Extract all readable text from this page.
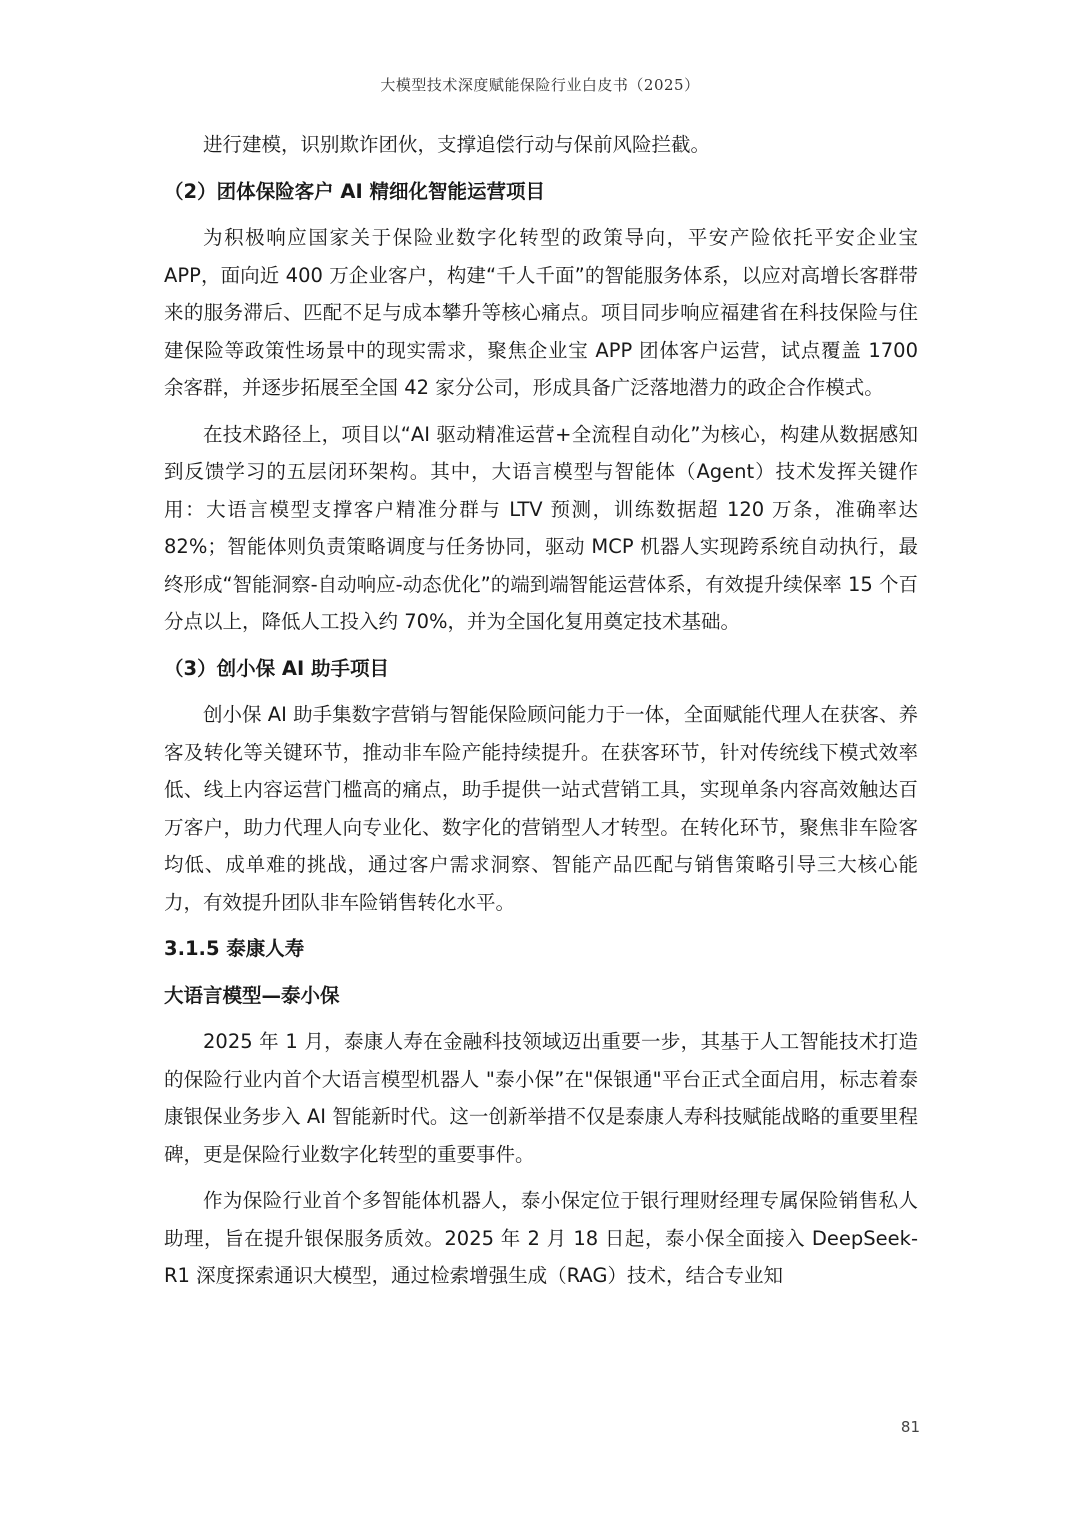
大模型技术深度赋能保险行业白皮书（2025）

进行建模，识别欺诈团伙，支撑追偿行动与保前风险拦截。

（2）团体保险客户 AI 精细化智能运营项目

为积极响应国家关于保险业数字化转型的政策导向，平安产险依托平安企业宝 APP，面向近 400 万企业客户，构建“千人千面”的智能服务体系，以应对高增长客群带来的服务滞后、匹配不足与成本攀升等核心痛点。项目同步响应福建省在科技保险与住建保险等政策性场景中的现实需求，聚焦企业宝 APP 团体客户运营，试点覆盖 1700 余客群，并逐步拓展至全国 42 家分公司，形成具备广泛落地潜力的政企合作模式。

在技术路径上，项目以“AI 驱动精准运营+全流程自动化”为核心，构建从数据感知到反馈学习的五层闭环架构。其中，大语言模型与智能体（Agent）技术发挥关键作用：大语言模型支撑客户精准分群与 LTV 预测，训练数据超 120 万条，准确率达 82%；智能体则负责策略调度与任务协同，驱动 MCP 机器人实现跨系统自动执行，最终形成“智能洞察-自动响应-动态优化”的端到端智能运营体系，有效提升续保率 15 个百分点以上，降低人工投入约 70%，并为全国化复用奠定技术基础。

（3）创小保 AI 助手项目

创小保 AI 助手集数字营销与智能保险顾问能力于一体，全面赋能代理人在获客、养客及转化等关键环节，推动非车险产能持续提升。在获客环节，针对传统线下模式效率低、线上内容运营门槛高的痛点，助手提供一站式营销工具，实现单条内容高效触达百万客户，助力代理人向专业化、数字化的营销型人才转型。在转化环节，聚焦非车险客均低、成单难的挑战，通过客户需求洞察、智能产品匹配与销售策略引导三大核心能力，有效提升团队非车险销售转化水平。

3.1.5 泰康人寿
大语言模型—泰小保

2025 年 1 月，泰康人寿在金融科技领域迈出重要一步，其基于人工智能技术打造的保险行业内首个大语言模型机器人 "泰小保”在"保银通"平台正式全面启用，标志着泰康银保业务步入 AI 智能新时代。这一创新举措不仅是泰康人寿科技赋能战略的重要里程碑，更是保险行业数字化转型的重要事件。

作为保险行业首个多智能体机器人，泰小保定位于银行理财经理专属保险销售私人助理，旨在提升银保服务质效。2025 年 2 月 18 日起，泰小保全面接入 DeepSeek-R1 深度探索通识大模型，通过检索增强生成（RAG）技术，结合专业知

81
